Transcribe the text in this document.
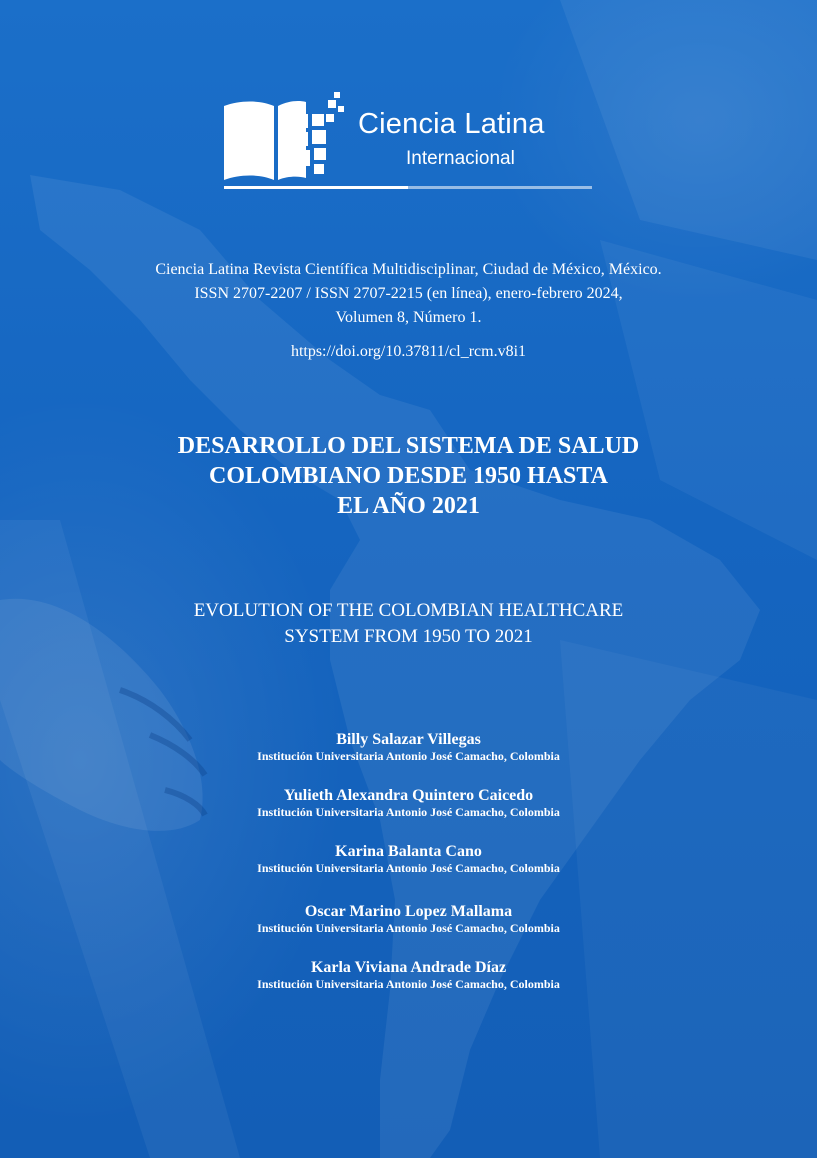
Ciencia Latina
Internacional
Ciencia Latina Revista Científica Multidisciplinar, Ciudad de México, México.
ISSN 2707-2207 / ISSN 2707-2215 (en línea), enero-febrero 2024,
Volumen 8, Número 1.
https://doi.org/10.37811/cl_rcm.v8i1
DESARROLLO DEL SISTEMA DE SALUD
COLOMBIANO DESDE 1950 HASTA
EL AÑO 2021
EVOLUTION OF THE COLOMBIAN HEALTHCARE
SYSTEM FROM 1950 TO 2021
Billy Salazar Villegas
Institución Universitaria Antonio José Camacho, Colombia
Yulieth Alexandra Quintero Caicedo
Institución Universitaria Antonio José Camacho, Colombia
Karina Balanta Cano
Institución Universitaria Antonio José Camacho, Colombia
Oscar Marino Lopez Mallama
Institución Universitaria Antonio José Camacho, Colombia
Karla Viviana Andrade Díaz
Institución Universitaria Antonio José Camacho, Colombia
